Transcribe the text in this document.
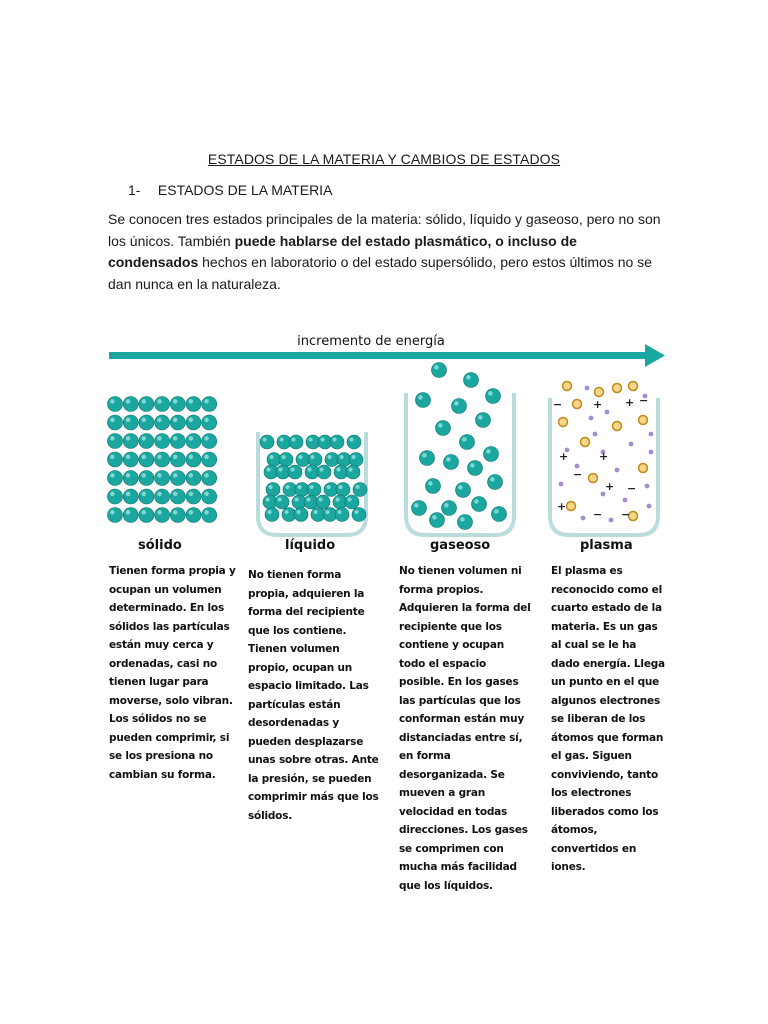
ESTADOS DE LA MATERIA Y CAMBIOS DE ESTADOS
1- ESTADOS DE LA MATERIA
Se conocen tres estados principales de la materia: sólido, líquido y gaseoso, pero no son los únicos. También puede hablarse del estado plasmático, o incluso de condensados hechos en laboratorio o del estado supersólido, pero estos últimos no se dan nunca en la naturaleza.
incremento de energía
−	+ + −
+	+
−
+ −
+
− −
sólido	líquido	gaseoso	plasma

Tienen forma propia y ocupan un volumen determinado. En los sólidos las partículas están muy cerca y ordenadas, casi no tienen lugar para moverse, solo vibran. Los sólidos no se pueden comprimir, si se los presiona no cambian su forma.

No tienen forma propia, adquieren la forma del recipiente que los contiene. Tienen volumen propio, ocupan un espacio limitado. Las partículas están desordenadas y pueden desplazarse unas sobre otras. Ante la presión, se pueden comprimir más que los sólidos.

No tienen volumen ni forma propios. Adquieren la forma del recipiente que los contiene y ocupan todo el espacio posible. En los gases las partículas que los conforman están muy distanciadas entre sí, en forma desorganizada. Se mueven a gran velocidad en todas direcciones. Los gases se comprimen con mucha más facilidad que los líquidos.

El plasma es reconocido como el cuarto estado de la materia. Es un gas al cual se le ha dado energía. Llega un punto en el que algunos electrones se liberan de los átomos que forman el gas. Siguen conviviendo, tanto los electrones liberados como los átomos, convertidos en iones.
